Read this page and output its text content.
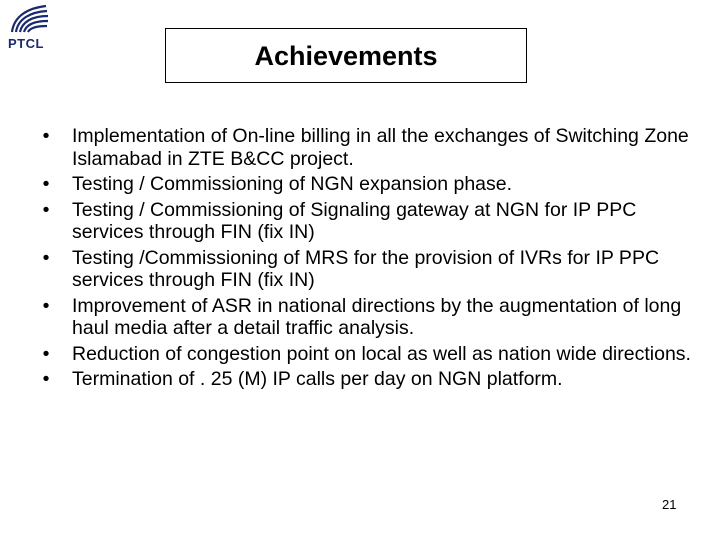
PTCL	Achievements
• Implementation of On-line billing in all the exchanges of Switching Zone Islamabad in ZTE B&CC project.
• Testing / Commissioning of NGN expansion phase.
• Testing / Commissioning of Signaling gateway at NGN for IP PPC services through FIN (fix IN)
• Testing /Commissioning of MRS for the provision of IVRs for IP PPC services through FIN (fix IN)
• Improvement of ASR in national directions by the augmentation of long haul media after a detail traffic analysis.
• Reduction of congestion point on local as well as nation wide directions.
• Termination of . 25 (M) IP calls per day on NGN platform.
21
